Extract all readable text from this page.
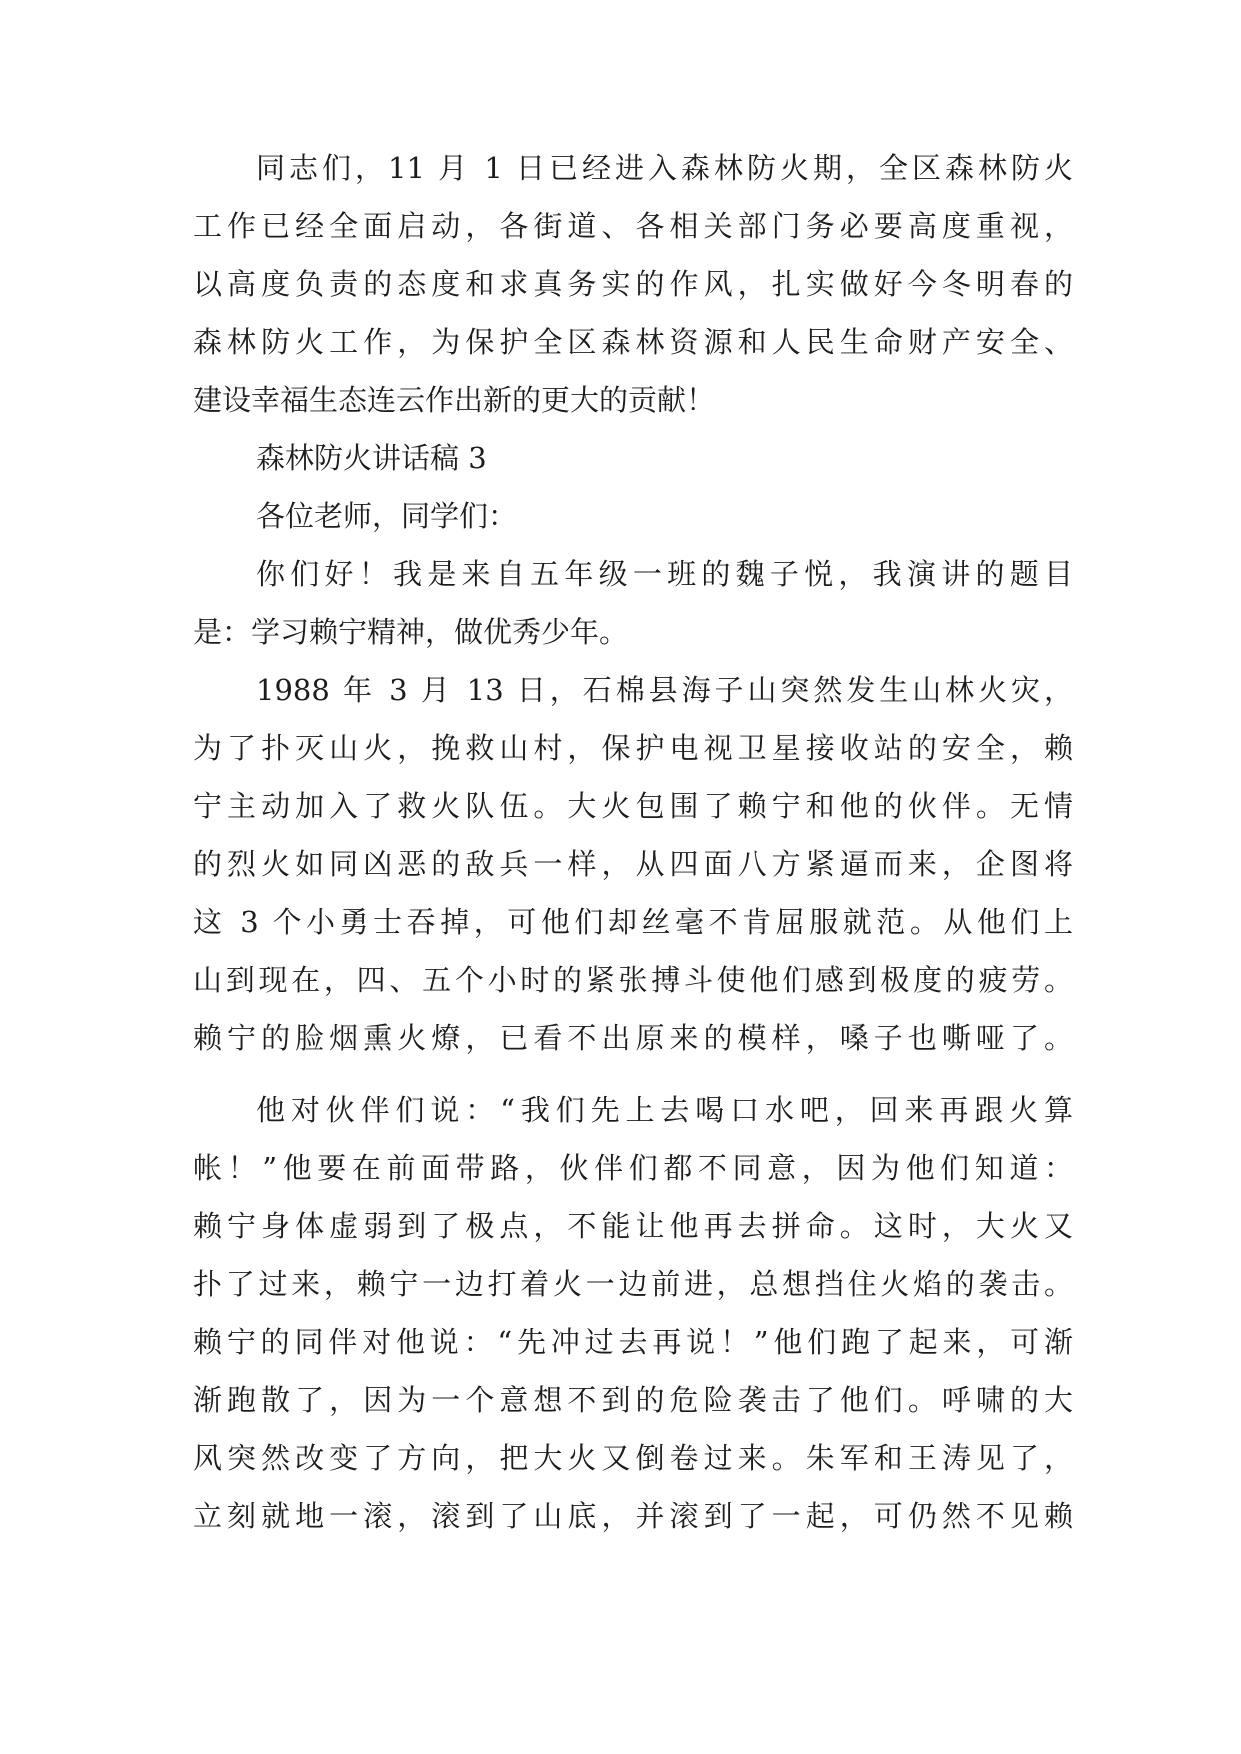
同志们，11 月 1 日已经进入森林防火期，全区森林防火
工作已经全面启动，各街道、各相关部门务必要高度重视，
以高度负责的态度和求真务实的作风，扎实做好今冬明春的
森林防火工作，为保护全区森林资源和人民生命财产安全、
建设幸福生态连云作出新的更大的贡献！
森林防火讲话稿 3
各位老师，同学们：
你们好！我是来自五年级一班的魏子悦，我演讲的题目
是：学习赖宁精神，做优秀少年。
1988 年 3 月 13 日，石棉县海子山突然发生山林火灾，
为了扑灭山火，挽救山村，保护电视卫星接收站的安全，赖
宁主动加入了救火队伍。大火包围了赖宁和他的伙伴。无情
的烈火如同凶恶的敌兵一样，从四面八方紧逼而来，企图将
这 3 个小勇士吞掉，可他们却丝毫不肯屈服就范。从他们上
山到现在，四、五个小时的紧张搏斗使他们感到极度的疲劳。
赖宁的脸烟熏火燎，已看不出原来的模样，嗓子也嘶哑了。
他对伙伴们说：“我们先上去喝口水吧，回来再跟火算
帐！”他要在前面带路，伙伴们都不同意，因为他们知道：
赖宁身体虚弱到了极点，不能让他再去拼命。这时，大火又
扑了过来，赖宁一边打着火一边前进，总想挡住火焰的袭击。
赖宁的同伴对他说：“先冲过去再说！”他们跑了起来，可渐
渐跑散了，因为一个意想不到的危险袭击了他们。呼啸的大
风突然改变了方向，把大火又倒卷过来。朱军和王涛见了，
立刻就地一滚，滚到了山底，并滚到了一起，可仍然不见赖
